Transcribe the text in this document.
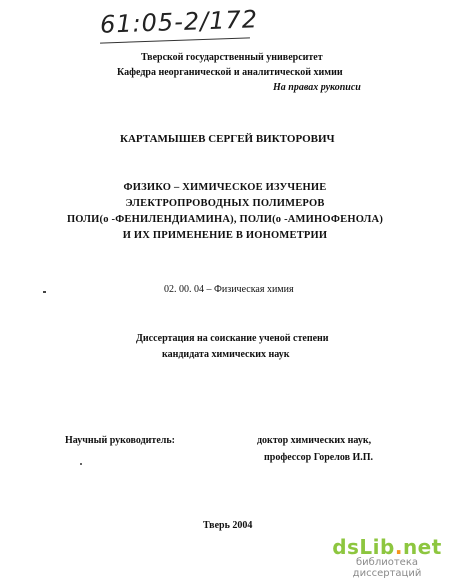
61:05-2/172
Тверской государственный университет
Кафедра неорганической и аналитической химии
На правах рукописи
КАРТАМЫШЕВ СЕРГЕЙ ВИКТОРОВИЧ
ФИЗИКО – ХИМИЧЕСКОЕ ИЗУЧЕНИЕ
ЭЛЕКТРОПРОВОДНЫХ ПОЛИМЕРОВ
ПОЛИ(о -ФЕНИЛЕНДИАМИНА), ПОЛИ(о -АМИНОФЕНОЛА)
И ИХ ПРИМЕНЕНИЕ В ИОНОМЕТРИИ
02. 00. 04 – Физическая химия
Диссертация на соискание ученой степени
кандидата химических наук
Научный руководитель:	доктор химических наук,
профессор Горелов И.П.
Тверь 2004
dsLib.net
библиотека диссертаций
